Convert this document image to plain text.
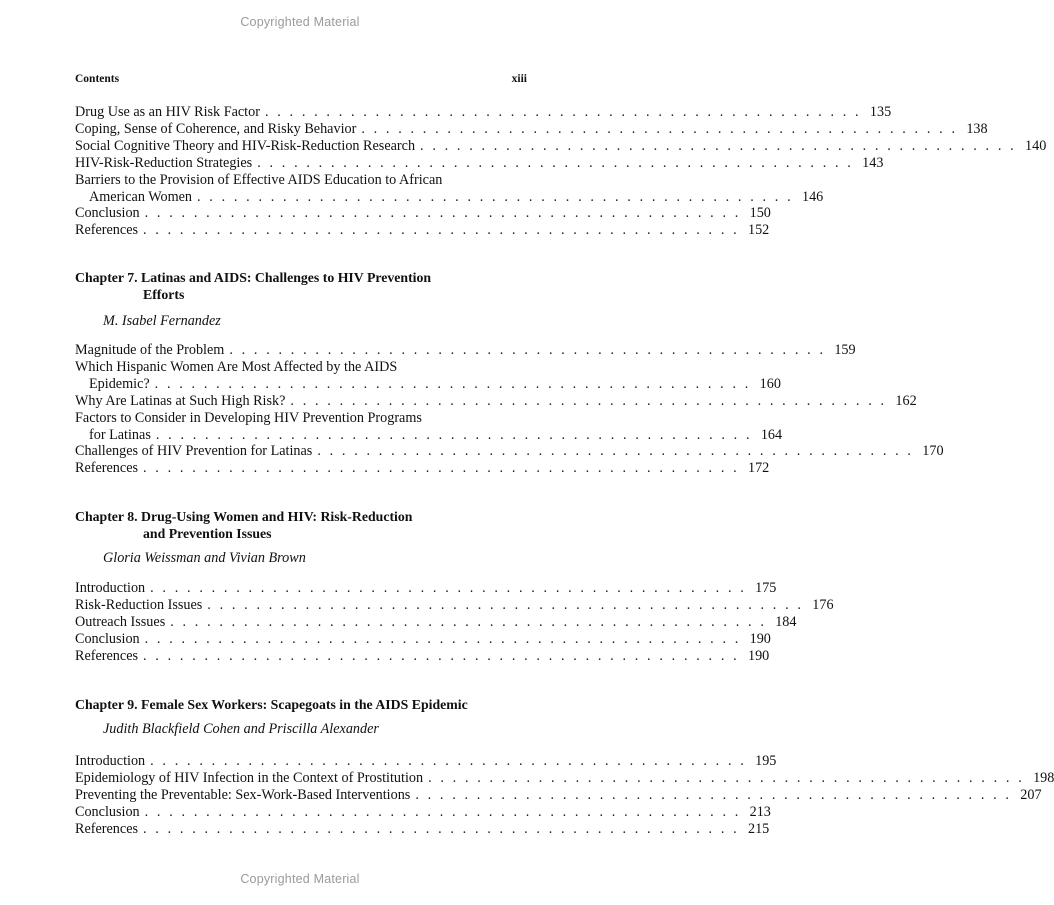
Copyrighted Material
Contents	xiii
Drug Use as an HIV Risk Factor . . . . . . . . . . . . . . . . . . . . . . . . . . . . . . . . . . . . . . . . . . . . . . . . . 135
Coping, Sense of Coherence, and Risky Behavior . . . . . . . . . . . . . . . . . . . . . . . . . . . . . . . . . . . . . . . . . . . . . . . . . 138
Social Cognitive Theory and HIV-Risk-Reduction Research . . . . . . . . . . . . . . . . . . . . . . . . . . . . . . . . . . . . . . . . . . . . . . . . . 140
HIV-Risk-Reduction Strategies . . . . . . . . . . . . . . . . . . . . . . . . . . . . . . . . . . . . . . . . . . . . . . . . . 143
Barriers to the Provision of Effective AIDS Education to African
American Women . . . . . . . . . . . . . . . . . . . . . . . . . . . . . . . . . . . . . . . . . . . . . . . . . 146
Conclusion . . . . . . . . . . . . . . . . . . . . . . . . . . . . . . . . . . . . . . . . . . . . . . . . . 150
References . . . . . . . . . . . . . . . . . . . . . . . . . . . . . . . . . . . . . . . . . . . . . . . . . 152
Chapter 7. Latinas and AIDS: Challenges to HIV Prevention
Efforts
M. Isabel Fernandez
Magnitude of the Problem . . . . . . . . . . . . . . . . . . . . . . . . . . . . . . . . . . . . . . . . . . . . . . . . . 159
Which Hispanic Women Are Most Affected by the AIDS
Epidemic? . . . . . . . . . . . . . . . . . . . . . . . . . . . . . . . . . . . . . . . . . . . . . . . . . 160
Why Are Latinas at Such High Risk? . . . . . . . . . . . . . . . . . . . . . . . . . . . . . . . . . . . . . . . . . . . . . . . . . 162
Factors to Consider in Developing HIV Prevention Programs
for Latinas . . . . . . . . . . . . . . . . . . . . . . . . . . . . . . . . . . . . . . . . . . . . . . . . . 164
Challenges of HIV Prevention for Latinas . . . . . . . . . . . . . . . . . . . . . . . . . . . . . . . . . . . . . . . . . . . . . . . . . 170
References . . . . . . . . . . . . . . . . . . . . . . . . . . . . . . . . . . . . . . . . . . . . . . . . . 172
Chapter 8. Drug-Using Women and HIV: Risk-Reduction
and Prevention Issues
Gloria Weissman and Vivian Brown
Introduction . . . . . . . . . . . . . . . . . . . . . . . . . . . . . . . . . . . . . . . . . . . . . . . . . 175
Risk-Reduction Issues . . . . . . . . . . . . . . . . . . . . . . . . . . . . . . . . . . . . . . . . . . . . . . . . . 176
Outreach Issues . . . . . . . . . . . . . . . . . . . . . . . . . . . . . . . . . . . . . . . . . . . . . . . . . 184
Conclusion . . . . . . . . . . . . . . . . . . . . . . . . . . . . . . . . . . . . . . . . . . . . . . . . . 190
References . . . . . . . . . . . . . . . . . . . . . . . . . . . . . . . . . . . . . . . . . . . . . . . . . 190
Chapter 9. Female Sex Workers: Scapegoats in the AIDS Epidemic
Judith Blackfield Cohen and Priscilla Alexander
Introduction . . . . . . . . . . . . . . . . . . . . . . . . . . . . . . . . . . . . . . . . . . . . . . . . . 195
Epidemiology of HIV Infection in the Context of Prostitution . . . . . . . . . . . . . . . . . . . . . . . . . . . . . . . . . . . . . . . . . . . . . . . . . 198
Preventing the Preventable: Sex-Work-Based Interventions . . . . . . . . . . . . . . . . . . . . . . . . . . . . . . . . . . . . . . . . . . . . . . . . . 207
Conclusion . . . . . . . . . . . . . . . . . . . . . . . . . . . . . . . . . . . . . . . . . . . . . . . . . 213
References . . . . . . . . . . . . . . . . . . . . . . . . . . . . . . . . . . . . . . . . . . . . . . . . . 215
Copyrighted Material
